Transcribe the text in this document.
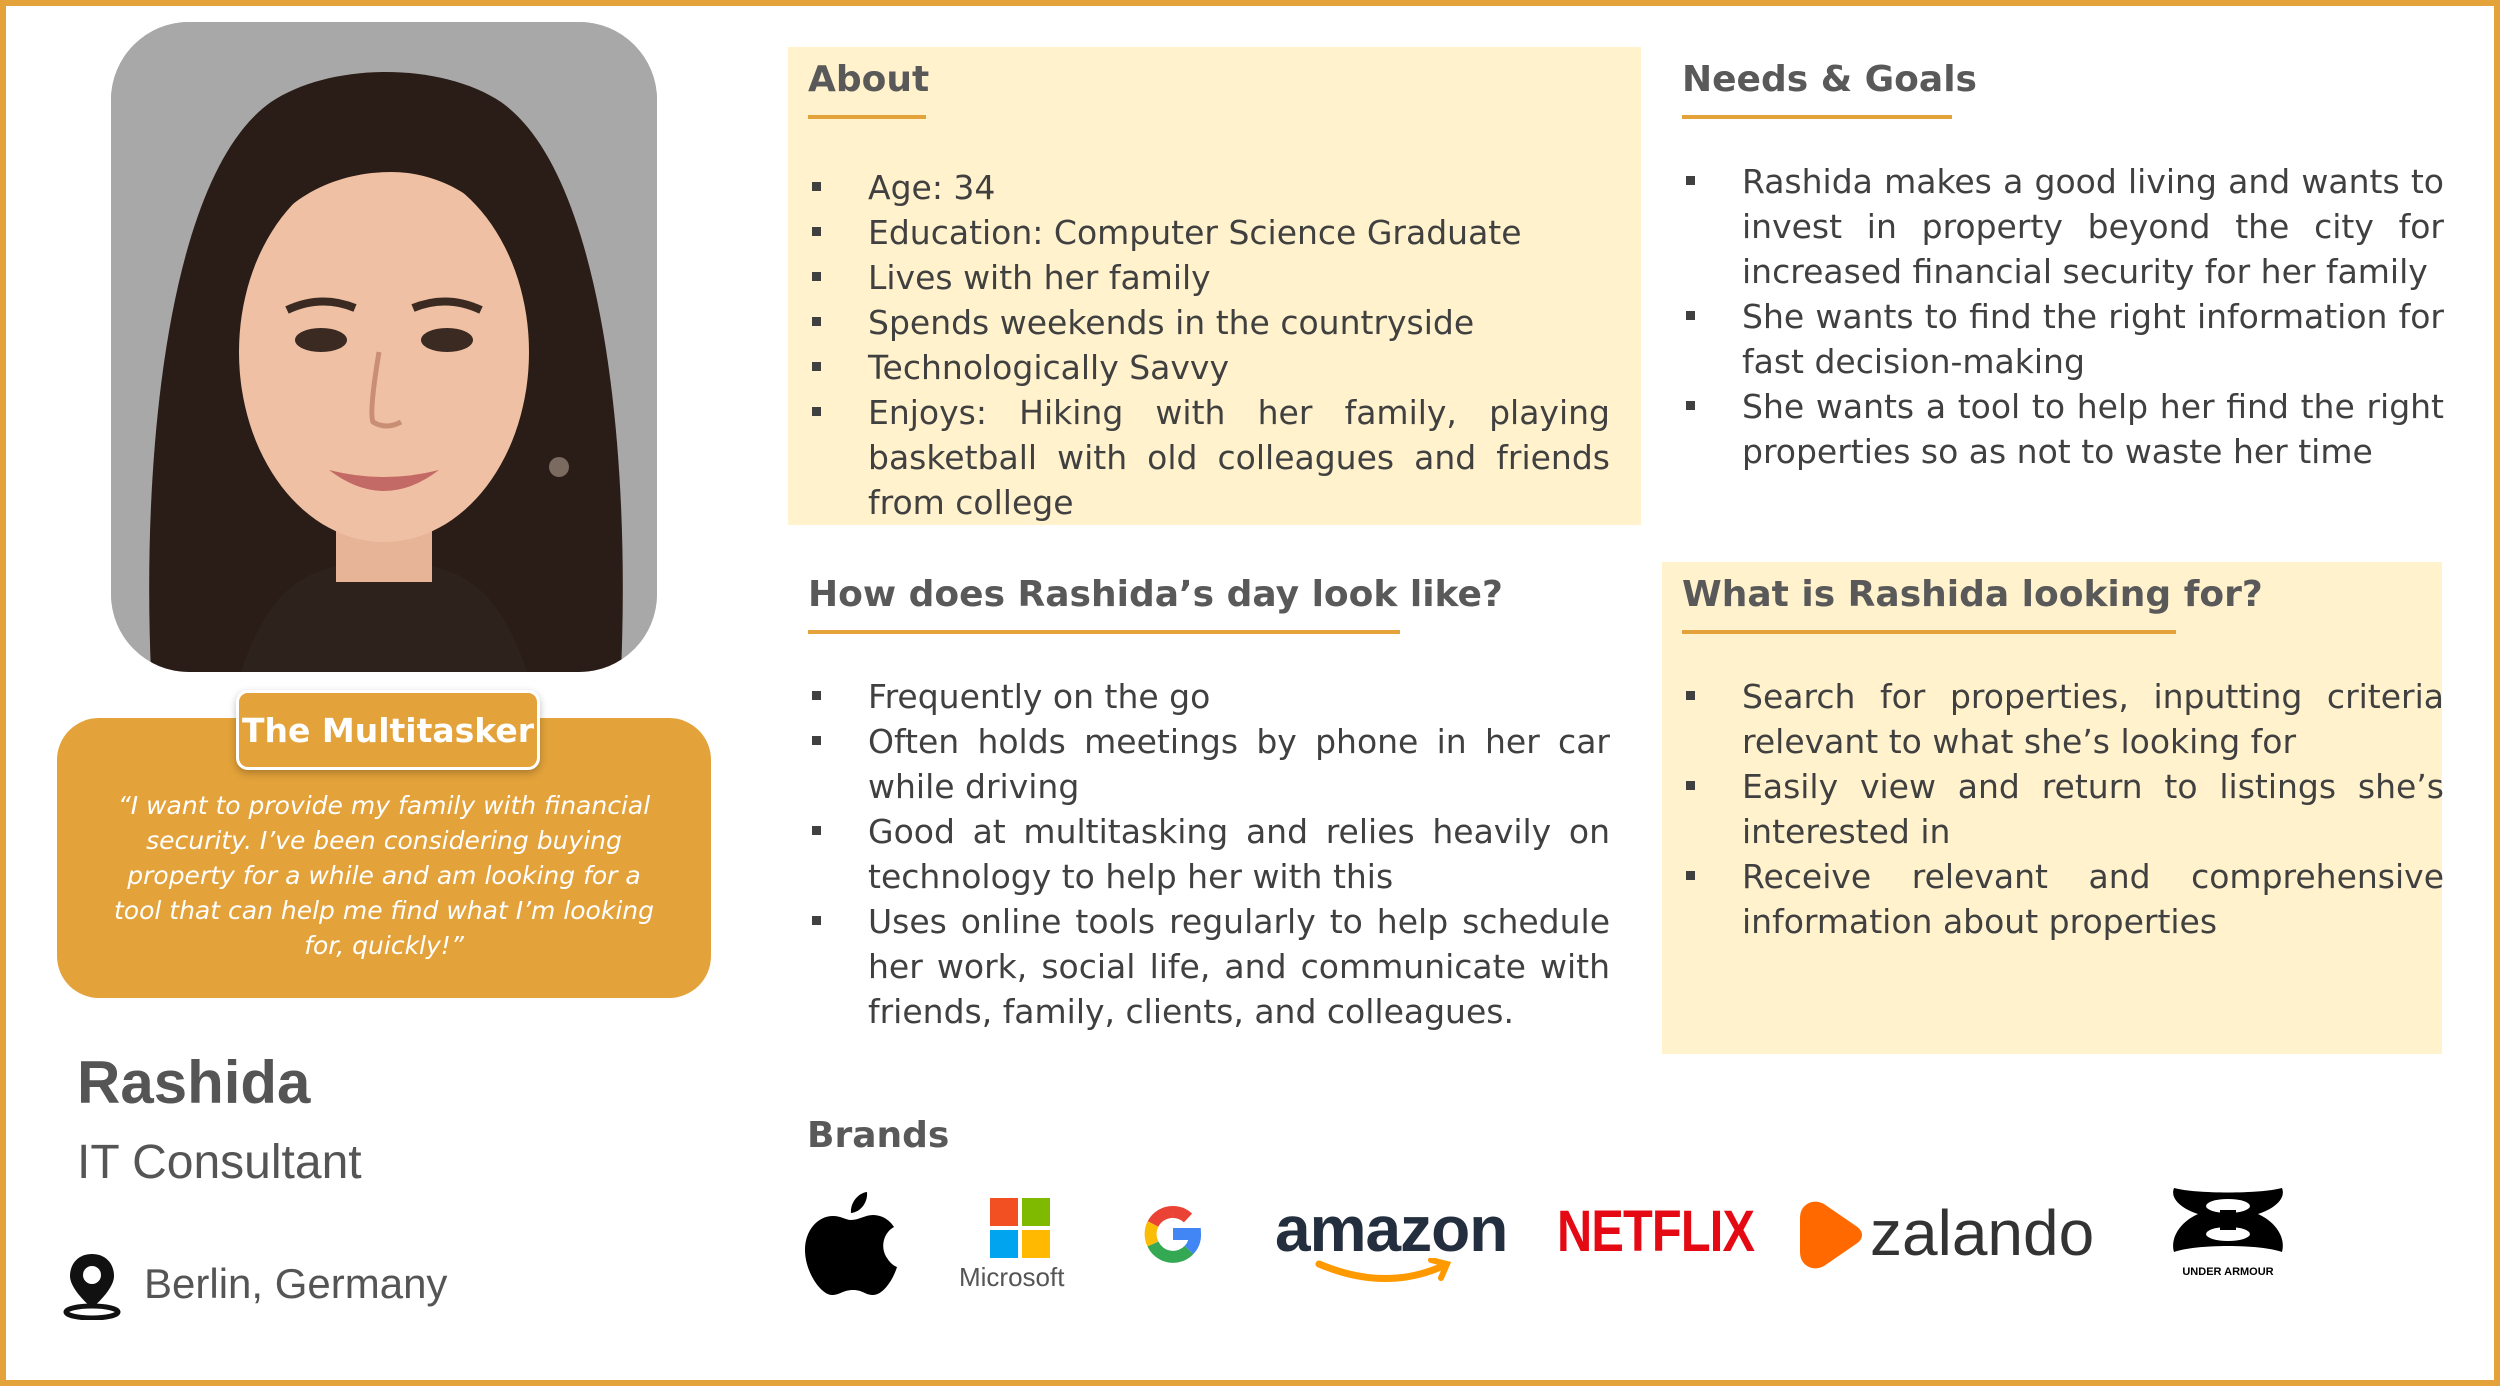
“I want to provide my family with financial security. I’ve been considering buying property for a while and am looking for a tool that can help me find what I’m looking for, quickly!”

The Multitasker
Rashida
IT Consultant
Berlin, Germany
About
Age: 34
Education: Computer Science Graduate
Lives with her family
Spends weekends in the countryside
Technologically Savvy
Enjoys: Hiking with her family, playing basketball with old colleagues and friends from college
Needs & Goals
Rashida makes a good living and wants to invest in property beyond the city for increased financial security for her family
She wants to find the right information for fast decision-making
She wants a tool to help her find the right properties so as not to waste her time
How does Rashida’s day look like?
Frequently on the go
Often holds meetings by phone in her car while driving
Good at multitasking and relies heavily on technology to help her with this
Uses online tools regularly to help schedule her work, social life, and communicate with friends, family, clients, and colleagues.
What is Rashida looking for?
Search for properties, inputting criteria relevant to what she’s looking for
Easily view and return to listings she’s interested in
Receive relevant and comprehensive information about properties
Brands
Microsoft
amazon NETFLIX zalando
UNDER ARMOUR
